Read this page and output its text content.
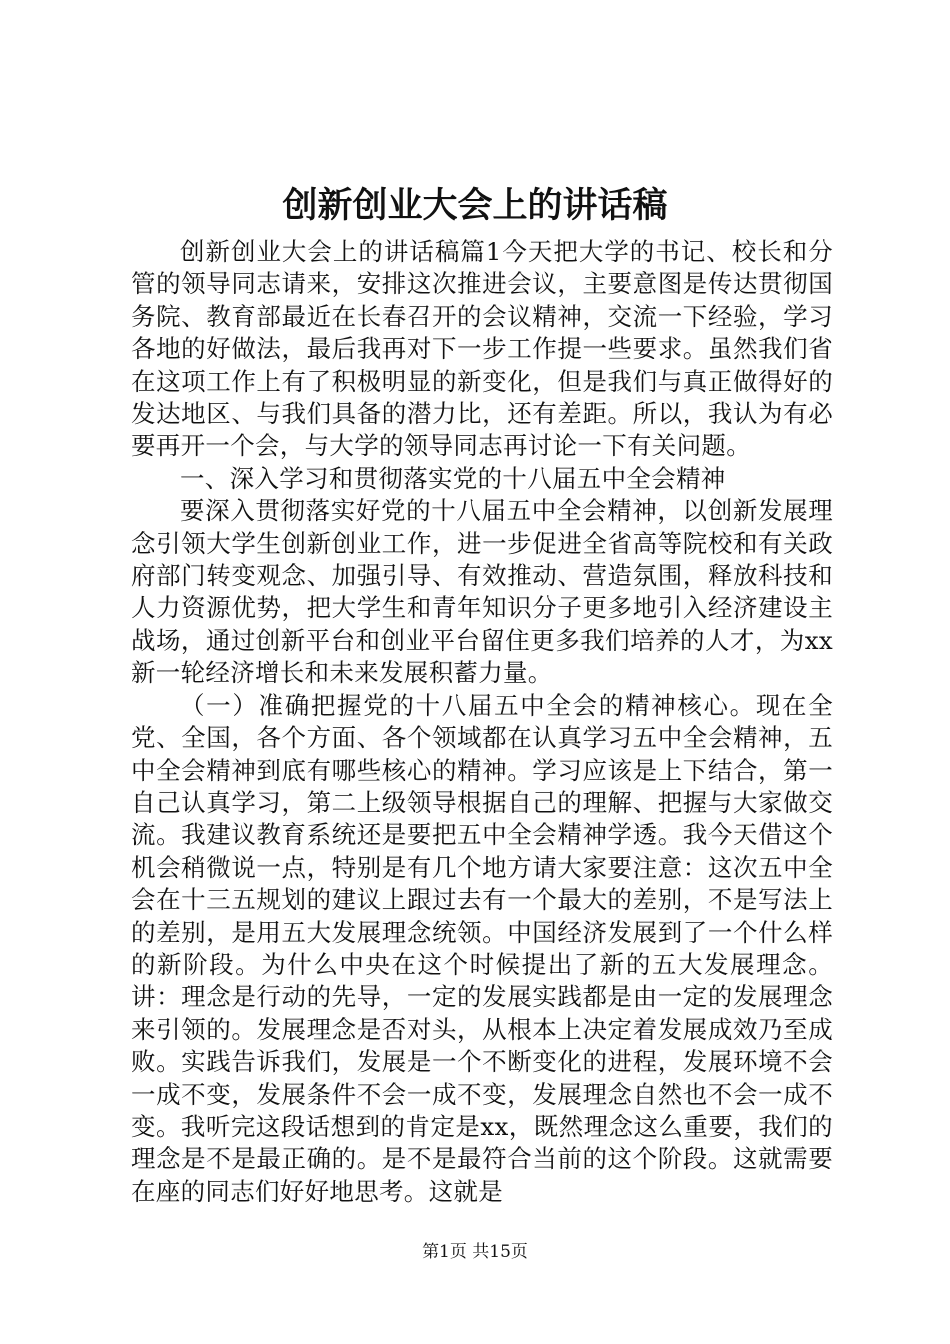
创新创业大会上的讲话稿

创新创业大会上的讲话稿篇1今天把大学的书记、校长和分管的领导同志请来，安排这次推进会议，主要意图是传达贯彻国务院、教育部最近在长春召开的会议精神，交流一下经验，学习各地的好做法，最后我再对下一步工作提一些要求。虽然我们省在这项工作上有了积极明显的新变化，但是我们与真正做得好的发达地区、与我们具备的潜力比，还有差距。所以，我认为有必要再开一个会，与大学的领导同志再讨论一下有关问题。

一、深入学习和贯彻落实党的十八届五中全会精神

要深入贯彻落实好党的十八届五中全会精神，以创新发展理念引领大学生创新创业工作，进一步促进全省高等院校和有关政府部门转变观念、加强引导、有效推动、营造氛围，释放科技和人力资源优势，把大学生和青年知识分子更多地引入经济建设主战场，通过创新平台和创业平台留住更多我们培养的人才，为xx新一轮经济增长和未来发展积蓄力量。

（一）准确把握党的十八届五中全会的精神核心。现在全党、全国，各个方面、各个领域都在认真学习五中全会精神，五中全会精神到底有哪些核心的精神。学习应该是上下结合，第一自己认真学习，第二上级领导根据自己的理解、把握与大家做交流。我建议教育系统还是要把五中全会精神学透。我今天借这个机会稍微说一点，特别是有几个地方请大家要注意：这次五中全会在十三五规划的建议上跟过去有一个最大的差别，不是写法上的差别，是用五大发展理念统领。中国经济发展到了一个什么样的新阶段。为什么中央在这个时候提出了新的五大发展理念。讲：理念是行动的先导，一定的发展实践都是由一定的发展理念来引领的。发展理念是否对头，从根本上决定着发展成效乃至成败。实践告诉我们，发展是一个不断变化的进程，发展环境不会一成不变，发展条件不会一成不变，发展理念自然也不会一成不变。我听完这段话想到的肯定是xx，既然理念这么重要，我们的理念是不是最正确的。是不是最符合当前的这个阶段。这就需要在座的同志们好好地思考。这就是

第1页 共15页
